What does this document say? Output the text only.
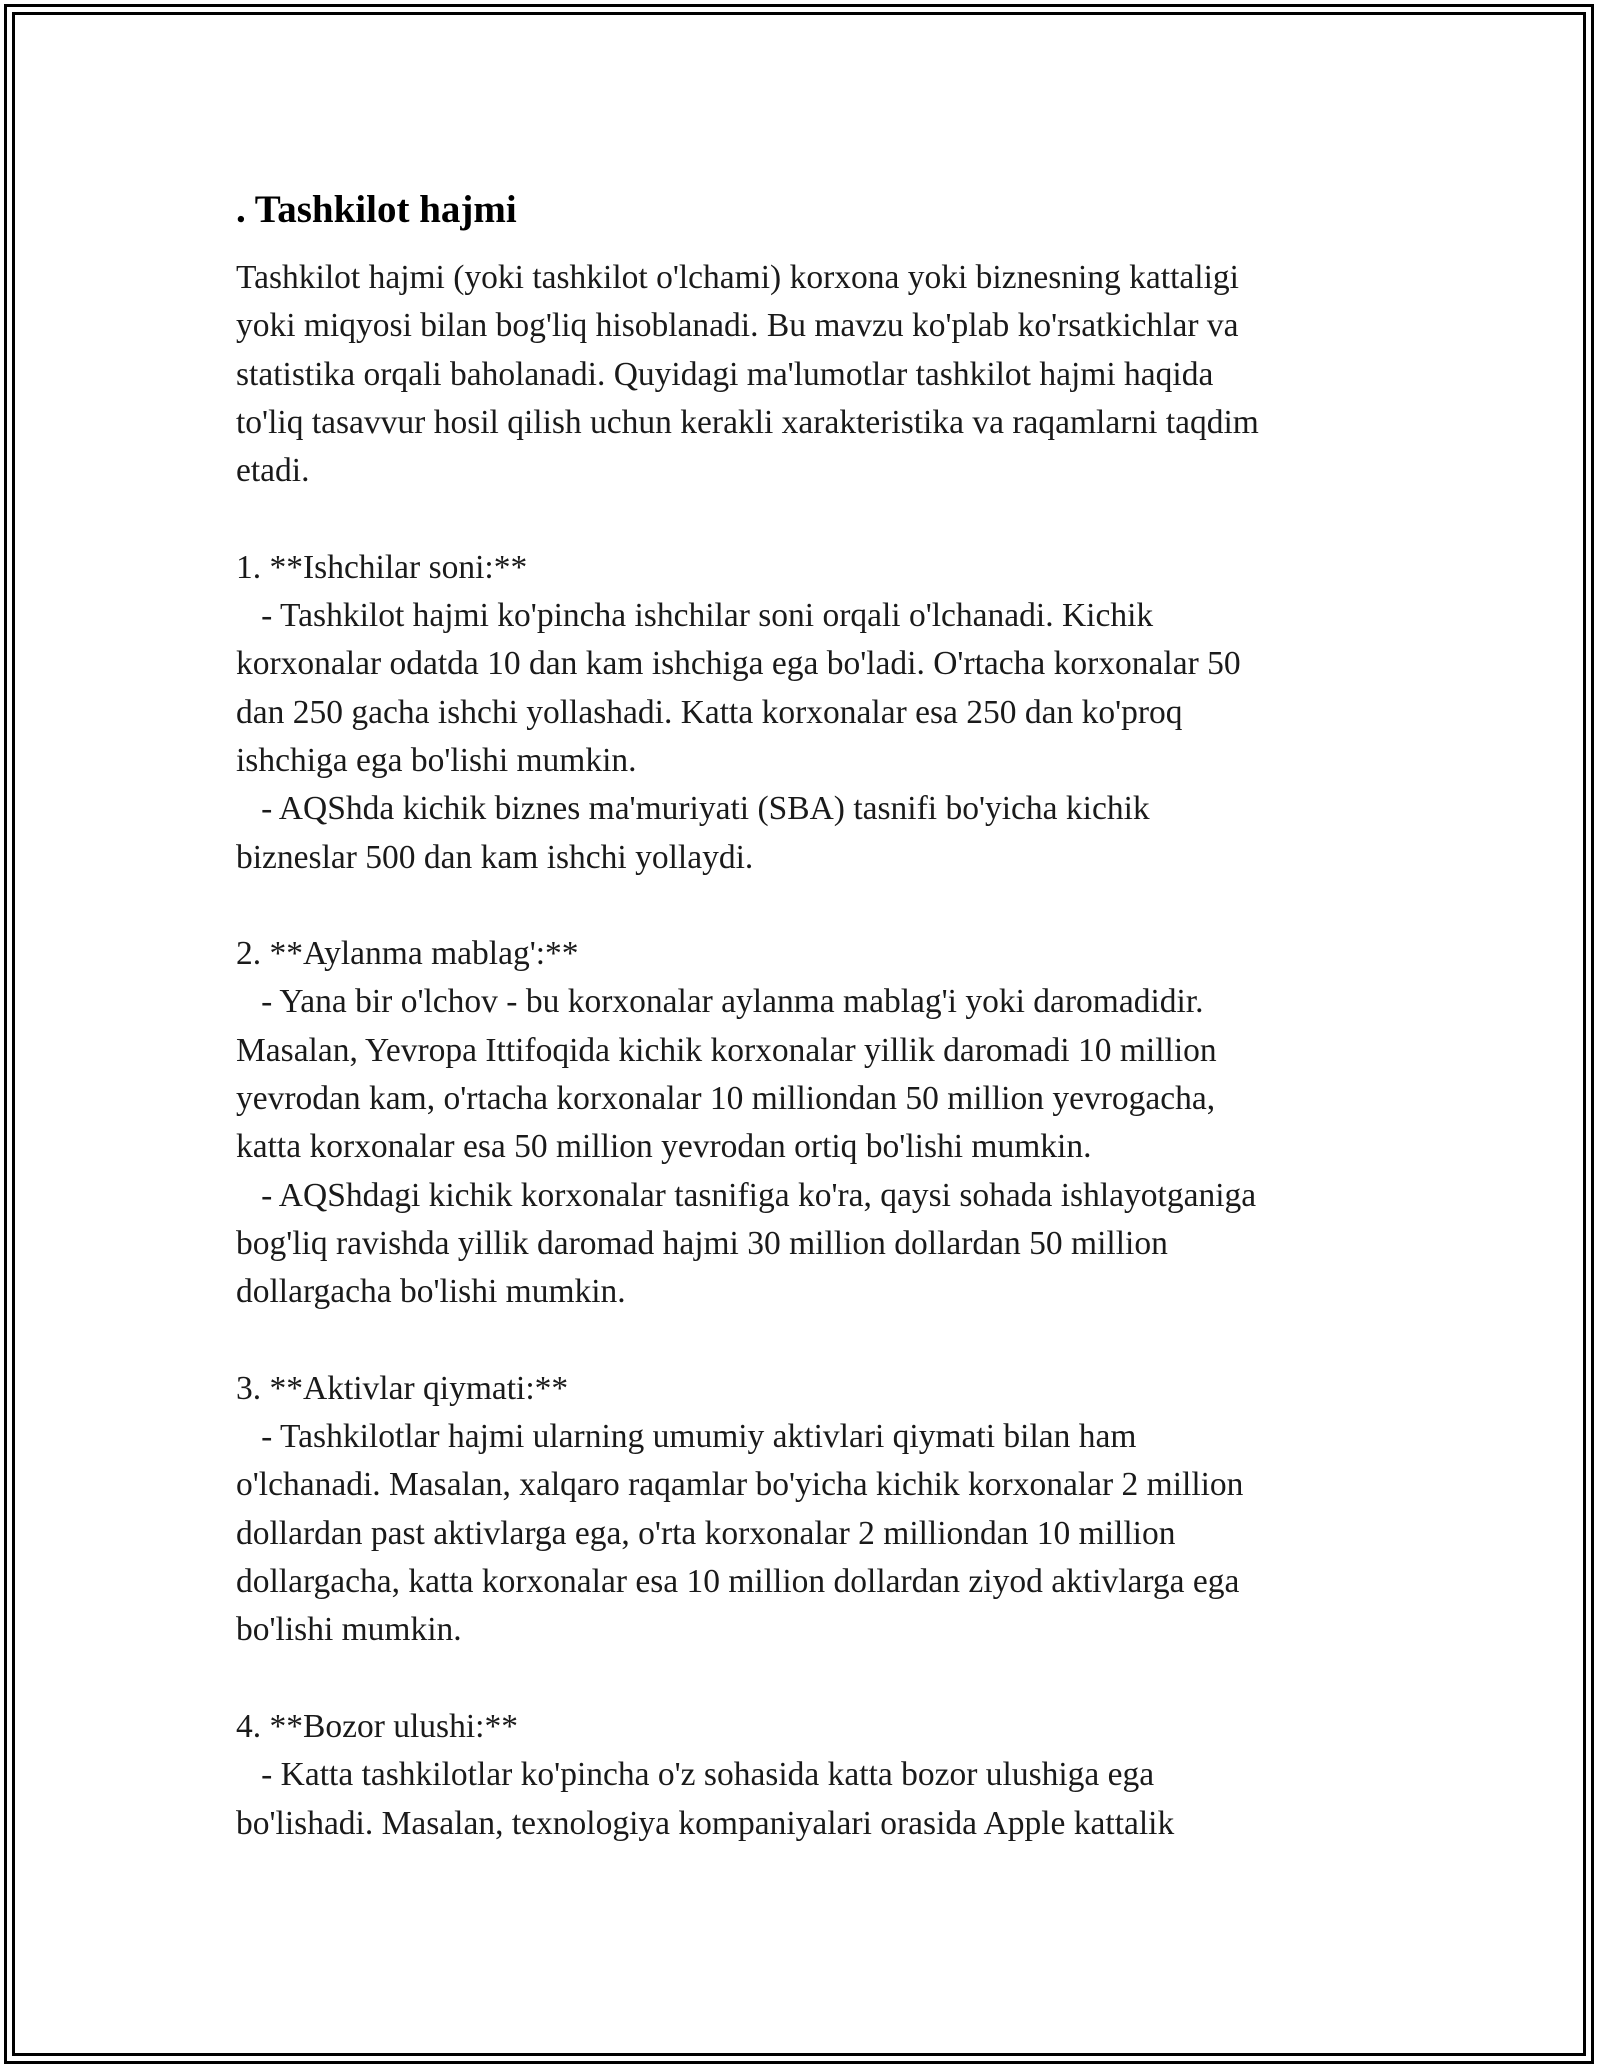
. Tashkilot hajmi
Tashkilot hajmi (yoki tashkilot o'lchami) korxona yoki biznesning kattaligi
yoki miqyosi bilan bog'liq hisoblanadi. Bu mavzu ko'plab ko'rsatkichlar va
statistika orqali baholanadi. Quyidagi ma'lumotlar tashkilot hajmi haqida
to'liq tasavvur hosil qilish uchun kerakli xarakteristika va raqamlarni taqdim
etadi.
1. **Ishchilar soni:**
- Tashkilot hajmi ko'pincha ishchilar soni orqali o'lchanadi. Kichik
korxonalar odatda 10 dan kam ishchiga ega bo'ladi. O'rtacha korxonalar 50
dan 250 gacha ishchi yollashadi. Katta korxonalar esa 250 dan ko'proq
ishchiga ega bo'lishi mumkin.
- AQShda kichik biznes ma'muriyati (SBA) tasnifi bo'yicha kichik
bizneslar 500 dan kam ishchi yollaydi.
2. **Aylanma mablag':**
- Yana bir o'lchov - bu korxonalar aylanma mablag'i yoki daromadidir.
Masalan, Yevropa Ittifoqida kichik korxonalar yillik daromadi 10 million
yevrodan kam, o'rtacha korxonalar 10 milliondan 50 million yevrogacha,
katta korxonalar esa 50 million yevrodan ortiq bo'lishi mumkin.
- AQShdagi kichik korxonalar tasnifiga ko'ra, qaysi sohada ishlayotganiga
bog'liq ravishda yillik daromad hajmi 30 million dollardan 50 million
dollargacha bo'lishi mumkin.
3. **Aktivlar qiymati:**
- Tashkilotlar hajmi ularning umumiy aktivlari qiymati bilan ham
o'lchanadi. Masalan, xalqaro raqamlar bo'yicha kichik korxonalar 2 million
dollardan past aktivlarga ega, o'rta korxonalar 2 milliondan 10 million
dollargacha, katta korxonalar esa 10 million dollardan ziyod aktivlarga ega
bo'lishi mumkin.
4. **Bozor ulushi:**
- Katta tashkilotlar ko'pincha o'z sohasida katta bozor ulushiga ega
bo'lishadi. Masalan, texnologiya kompaniyalari orasida Apple kattalik
